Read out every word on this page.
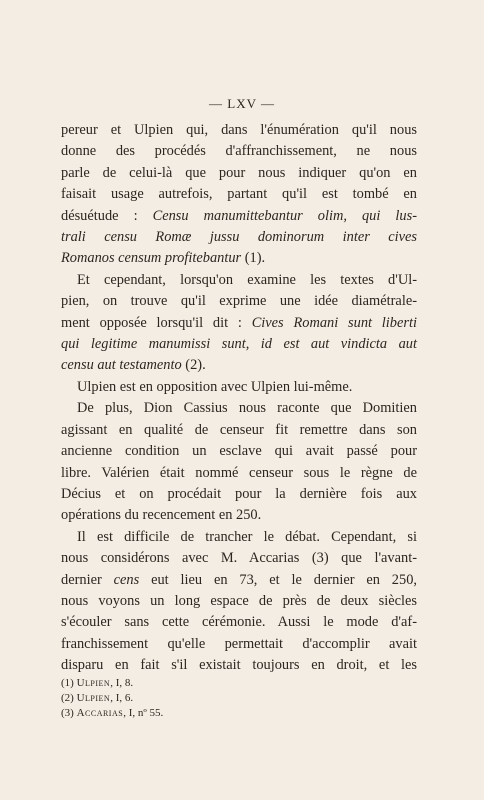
— LXV —
pereur et Ulpien qui, dans l'énumération qu'il nous
donne des procédés d'affranchissement, ne nous
parle de celui-là que pour nous indiquer qu'on en
faisait usage autrefois, partant qu'il est tombé en
désuétude : Censu manumittebantur olim, qui lus-
trali censu Romæ jussu dominorum inter cives
Romanos censum profitebantur (1).
Et cependant, lorsqu'on examine les textes d'Ul-
pien, on trouve qu'il exprime une idée diamétrale-
ment opposée lorsqu'il dit : Cives Romani sunt liberti
qui legitime manumissi sunt, id est aut vindicta aut
censu aut testamento (2).
Ulpien est en opposition avec Ulpien lui-même.
De plus, Dion Cassius nous raconte que Domitien
agissant en qualité de censeur fit remettre dans son
ancienne condition un esclave qui avait passé pour
libre. Valérien était nommé censeur sous le règne de
Décius et on procédait pour la dernière fois aux
opérations du recencement en 250.
Il est difficile de trancher le débat. Cependant, si
nous considérons avec M. Accarias (3) que l'avant-
dernier cens eut lieu en 73, et le dernier en 250,
nous voyons un long espace de près de deux siècles
s'écouler sans cette cérémonie. Aussi le mode d'af-
franchissement qu'elle permettait d'accomplir avait
disparu en fait s'il existait toujours en droit, et les
(1) Ulpien, I, 8.
(2) Ulpien, I, 6.
(3) Accarias, I, nº 55.
